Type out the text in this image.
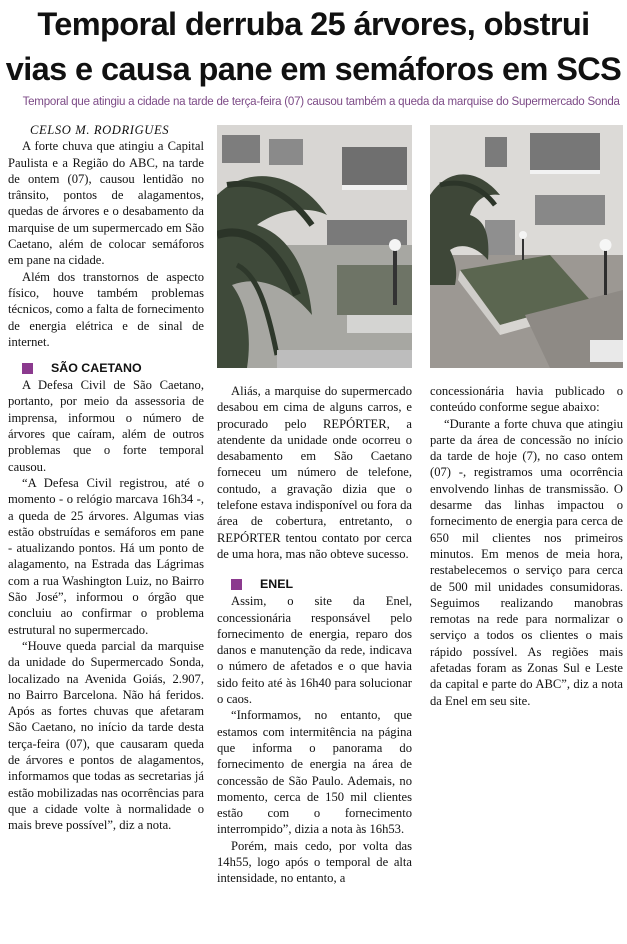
Temporal derruba 25 árvores, obstrui vias e causa pane em semáforos em SCS
Temporal que atingiu a cidade na tarde de terça-feira (07) causou também a queda da marquise do Supermercado Sonda
CELSO M. RODRIGUES

A forte chuva que atingiu a Capital Paulista e a Região do ABC, na tarde de ontem (07), causou lentidão no trânsito, pontos de alagamentos, quedas de árvores e o desabamento da marquise de um supermercado em São Caetano, além de colocar semáforos em pane na cidade.

Além dos transtornos de aspecto físico, houve também problemas técnicos, como a falta de fornecimento de energia elétrica e de sinal de internet.

SÃO CAETANO

A Defesa Civil de São Caetano, portanto, por meio da assessoria de imprensa, informou o número de árvores que caíram, além de outros problemas que o forte temporal causou.

“A Defesa Civil registrou, até o momento - o relógio marcava 16h34 -, a queda de 25 árvores. Algumas vias estão obstruídas e semáforos em pane - atualizando pontos. Há um ponto de alagamento, na Estrada das Lágrimas com a rua Washington Luiz, no Bairro São José”, informou o órgão que concluiu ao confirmar o problema estrutural no supermercado.

“Houve queda parcial da marquise da unidade do Supermercado Sonda, localizado na Avenida Goiás, 2.907, no Bairro Barcelona. Não há feridos. Após as fortes chuvas que afetaram São Caetano, no início da tarde desta terça-feira (07), que causaram queda de árvores e pontos de alagamentos, informamos que todas as secretarias já estão mobilizadas nas ocorrências para que a cidade volte à normalidade o mais breve possível”, diz a nota.

Aliás, a marquise do supermercado desabou em cima de alguns carros, e procurado pelo REPÓRTER, a atendente da unidade onde ocorreu o desabamento em São Caetano forneceu um número de telefone, contudo, a gravação dizia que o telefone estava indisponível ou fora da área de cobertura, entretanto, o REPÓRTER tentou contato por cerca de uma hora, mas não obteve sucesso.

ENEL

Assim, o site da Enel, concessionária responsável pelo fornecimento de energia, reparo dos danos e manutenção da rede, indicava o número de afetados e o que havia sido feito até às 16h40 para solucionar o caos.

“Informamos, no entanto, que estamos com intermitência na página que informa o panorama do fornecimento de energia na área de concessão de São Paulo. Ademais, no momento, cerca de 150 mil clientes estão com o fornecimento interrompido”, dizia a nota às 16h53.

Porém, mais cedo, por volta das 14h55, logo após o temporal de alta intensidade, no entanto, a

concessionária havia publicado o conteúdo conforme segue abaixo:

“Durante a forte chuva que atingiu parte da área de concessão no início da tarde de hoje (7), no caso ontem (07) -, registramos uma ocorrência envolvendo linhas de transmissão. O desarme das linhas impactou o fornecimento de energia para cerca de 650 mil clientes nos primeiros minutos. Em menos de meia hora, restabelecemos o serviço para cerca de 500 mil unidades consumidoras. Seguimos realizando manobras remotas na rede para normalizar o serviço a todos os clientes o mais rápido possível. As regiões mais afetadas foram as Zonas Sul e Leste da capital e parte do ABC”, diz a nota da Enel em seu site.
